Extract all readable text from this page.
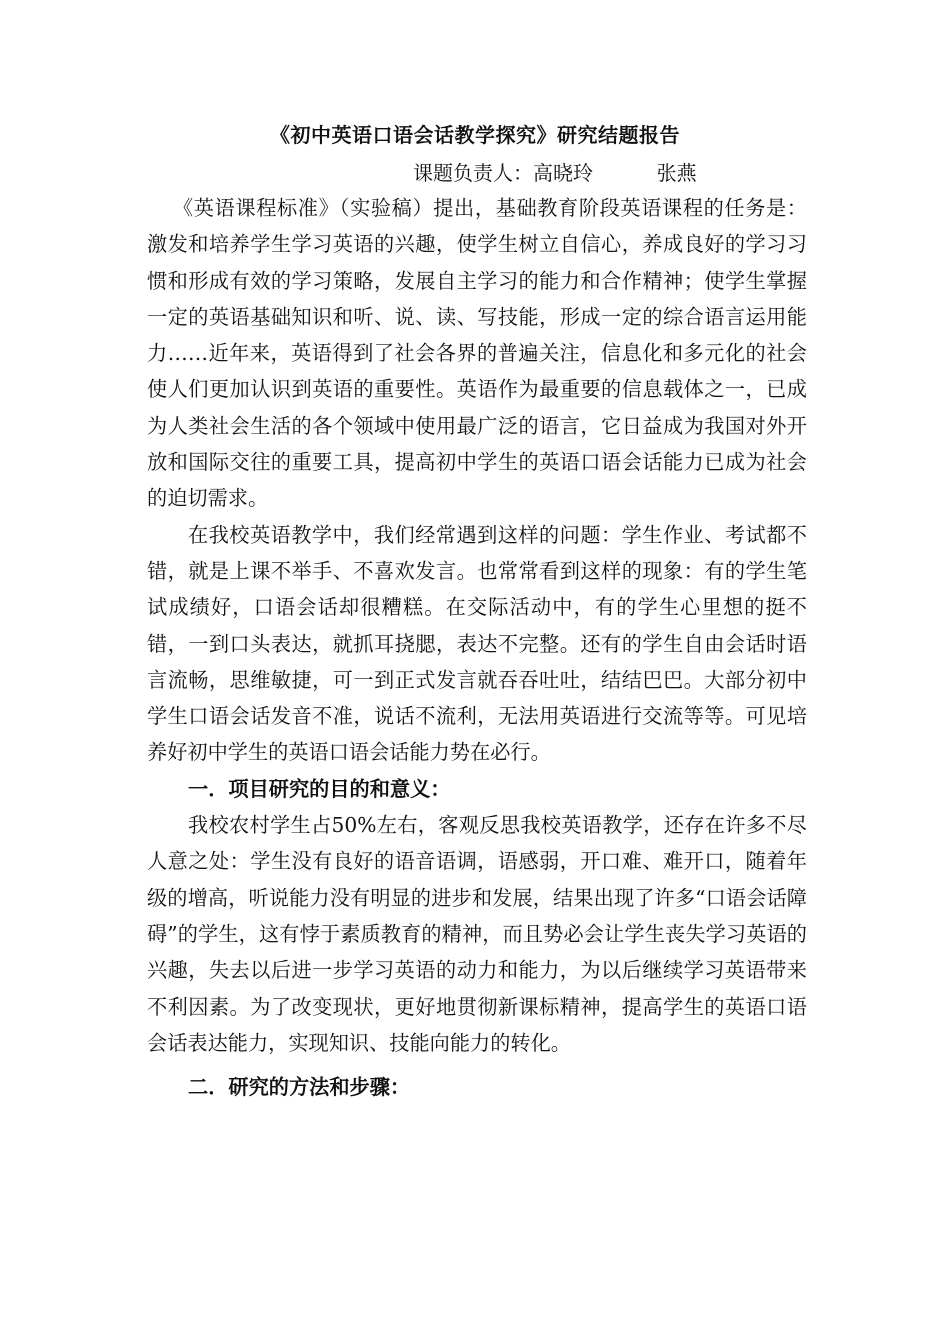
《初中英语口语会话教学探究》研究结题报告
课题负责人：高晓玲          张燕

《英语课程标准》（实验稿）提出，基础教育阶段英语课程的任务是：激发和培养学生学习英语的兴趣，使学生树立自信心，养成良好的学习习惯和形成有效的学习策略，发展自主学习的能力和合作精神；使学生掌握一定的英语基础知识和听、说、读、写技能，形成一定的综合语言运用能力……近年来，英语得到了社会各界的普遍关注，信息化和多元化的社会使人们更加认识到英语的重要性。英语作为最重要的信息载体之一，已成为人类社会生活的各个领域中使用最广泛的语言，它日益成为我国对外开放和国际交往的重要工具，提高初中学生的英语口语会话能力已成为社会的迫切需求。

在我校英语教学中，我们经常遇到这样的问题：学生作业、考试都不错，就是上课不举手、不喜欢发言。也常常看到这样的现象：有的学生笔试成绩好，口语会话却很糟糕。在交际活动中，有的学生心里想的挺不错，一到口头表达，就抓耳挠腮，表达不完整。还有的学生自由会话时语言流畅，思维敏捷，可一到正式发言就吞吞吐吐，结结巴巴。大部分初中学生口语会话发音不准，说话不流利，无法用英语进行交流等等。可见培养好初中学生的英语口语会话能力势在必行。

一．项目研究的目的和意义：

我校农村学生占50%左右，客观反思我校英语教学，还存在许多不尽人意之处：学生没有良好的语音语调，语感弱，开口难、难开口，随着年级的增高，听说能力没有明显的进步和发展，结果出现了许多“口语会话障碍”的学生，这有悖于素质教育的精神，而且势必会让学生丧失学习英语的兴趣，失去以后进一步学习英语的动力和能力，为以后继续学习英语带来不利因素。为了改变现状，更好地贯彻新课标精神，提高学生的英语口语会话表达能力，实现知识、技能向能力的转化。

二．研究的方法和步骤：
